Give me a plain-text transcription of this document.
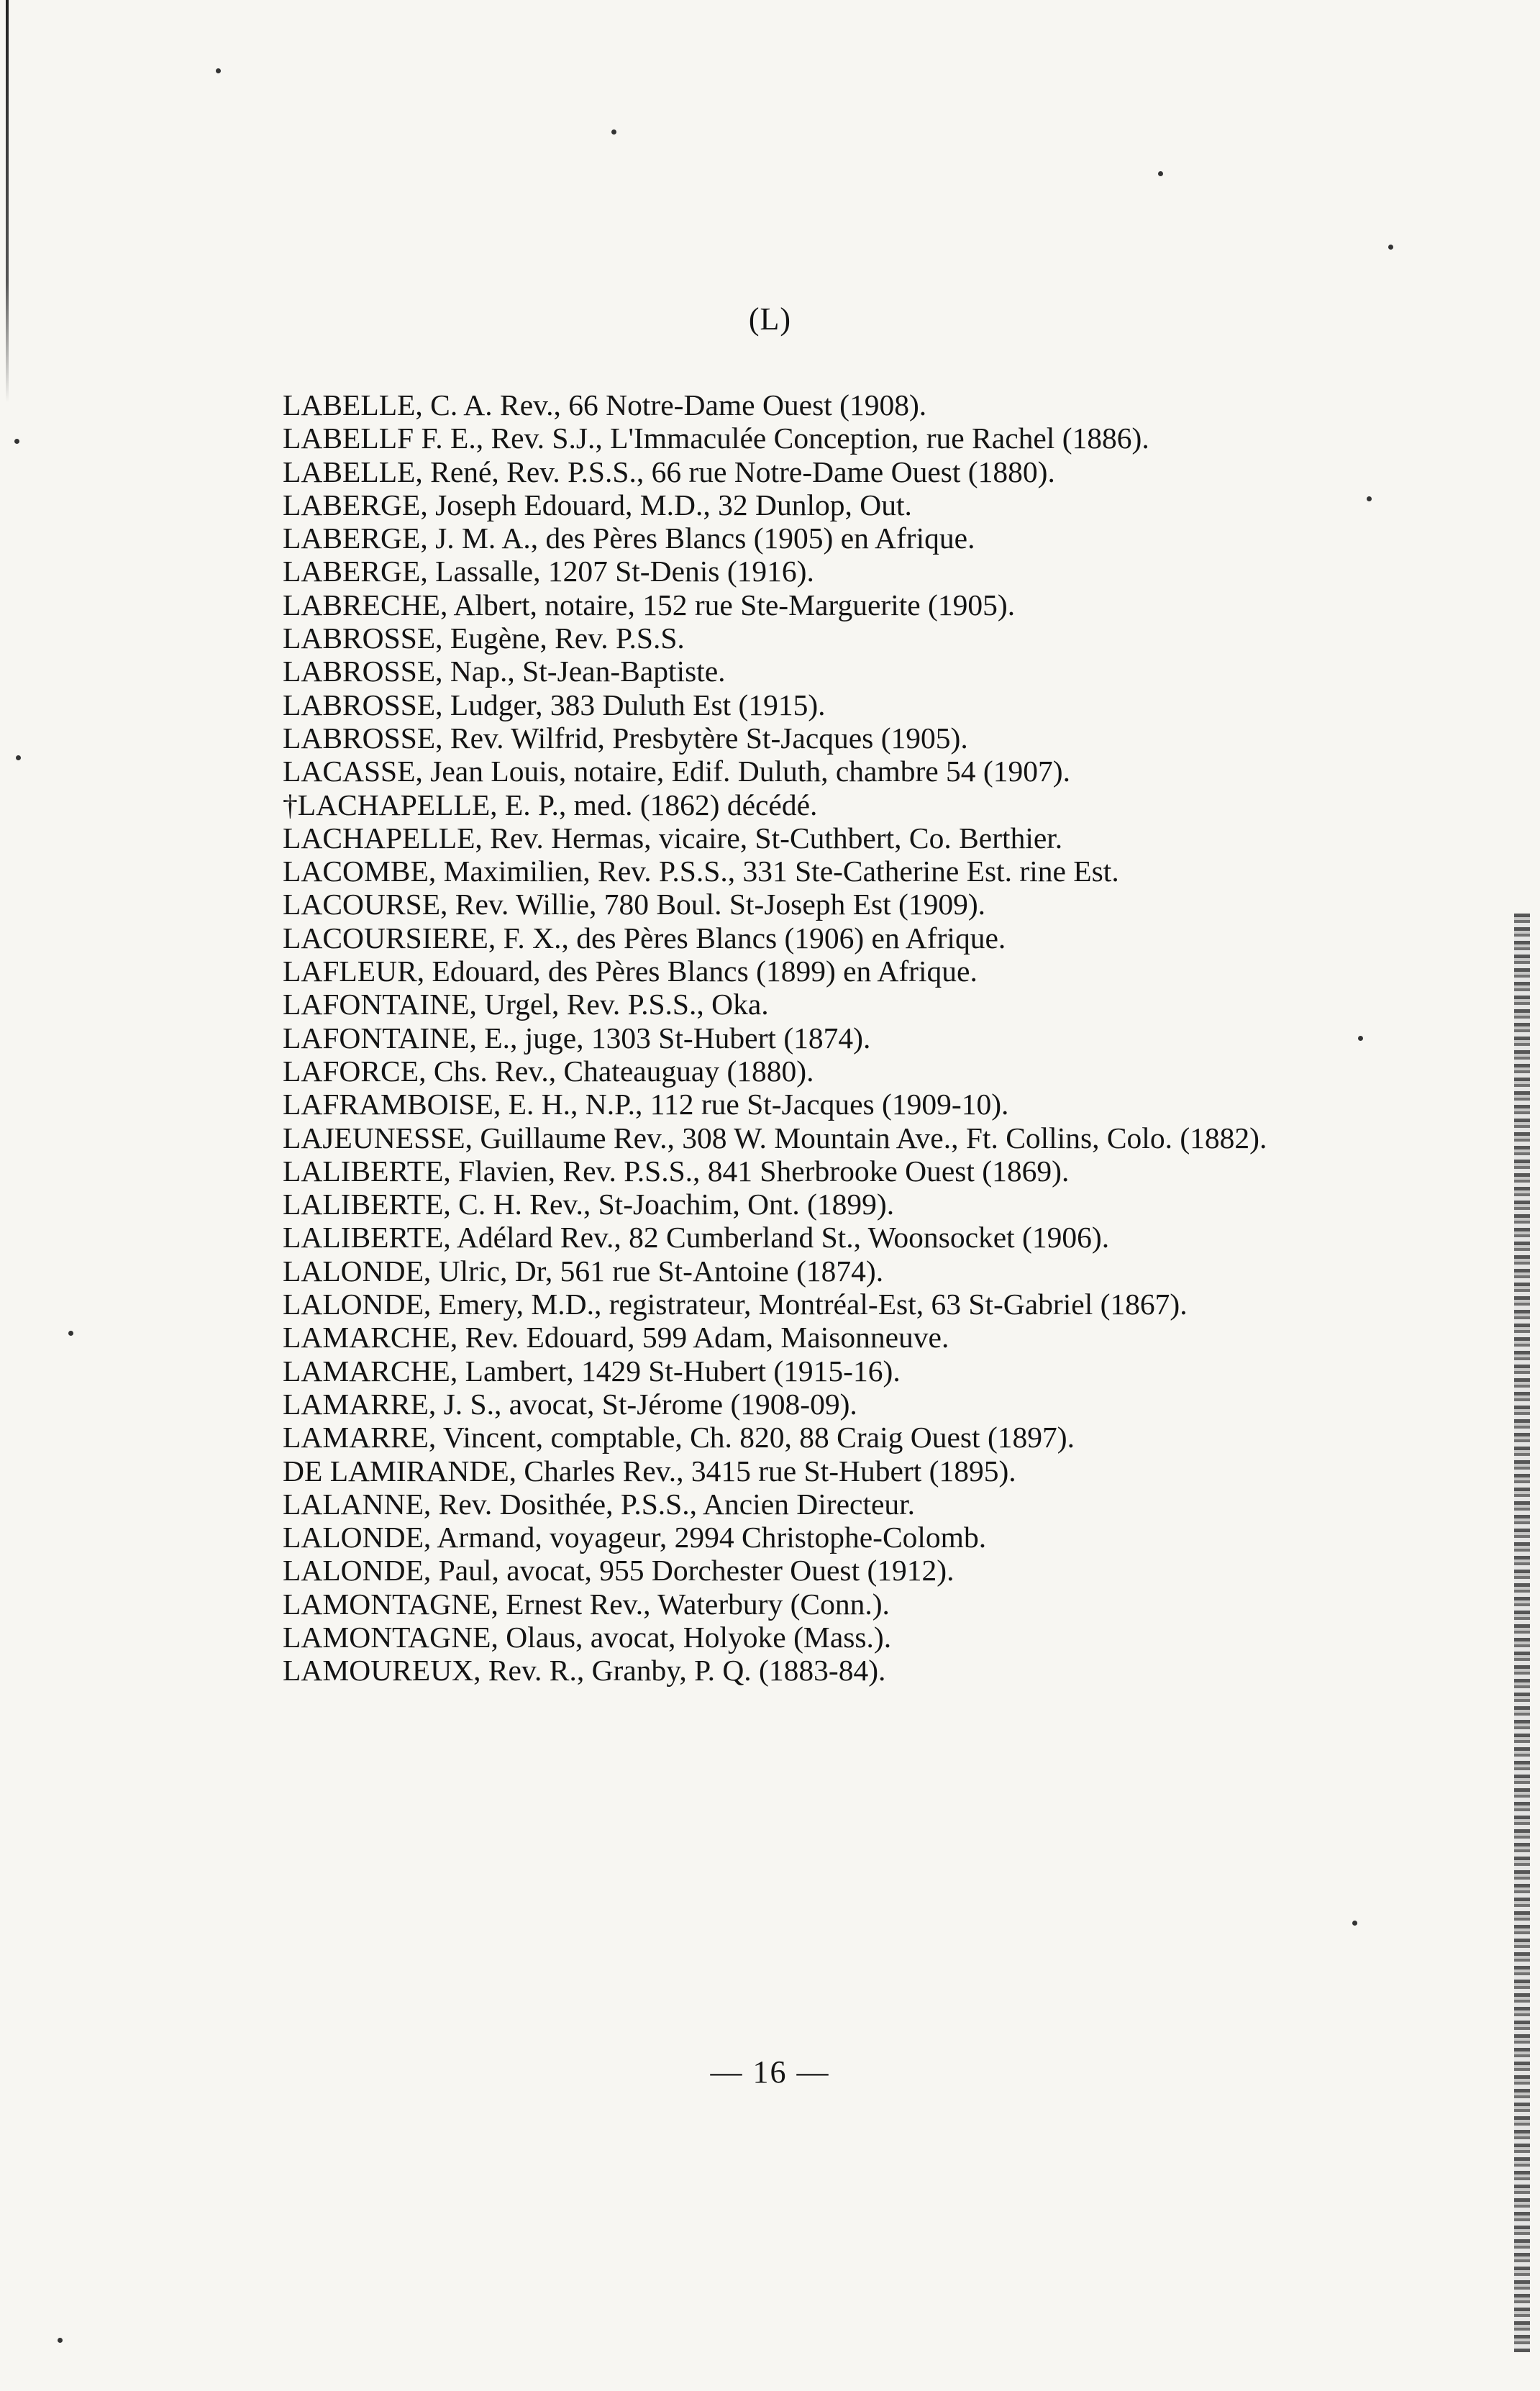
(L)
LABELLE, C. A. Rev., 66 Notre-Dame Ouest (1908).
LABELLF F. E., Rev. S.J., L'Immaculée Conception, rue Rachel (1886).
LABELLE, René, Rev. P.S.S., 66 rue Notre-Dame Ouest (1880).
LABERGE, Joseph Edouard, M.D., 32 Dunlop, Out.
LABERGE, J. M. A., des Pères Blancs (1905) en Afrique.
LABERGE, Lassalle, 1207 St-Denis (1916).
LABRECHE, Albert, notaire, 152 rue Ste-Marguerite (1905).
LABROSSE, Eugène, Rev. P.S.S.
LABROSSE, Nap., St-Jean-Baptiste.
LABROSSE, Ludger, 383 Duluth Est (1915).
LABROSSE, Rev. Wilfrid, Presbytère St-Jacques (1905).
LACASSE, Jean Louis, notaire, Edif. Duluth, chambre 54 (1907).
†LACHAPELLE, E. P., med. (1862) décédé.
LACHAPELLE, Rev. Hermas, vicaire, St-Cuthbert, Co. Berthier.
LACOMBE, Maximilien, Rev. P.S.S., 331 Ste-Catherine Est. rine Est.
LACOURSE, Rev. Willie, 780 Boul. St-Joseph Est (1909).
LACOURSIERE, F. X., des Pères Blancs (1906) en Afrique.
LAFLEUR, Edouard, des Pères Blancs (1899) en Afrique.
LAFONTAINE, Urgel, Rev. P.S.S., Oka.
LAFONTAINE, E., juge, 1303 St-Hubert (1874).
LAFORCE, Chs. Rev., Chateauguay (1880).
LAFRAMBOISE, E. H., N.P., 112 rue St-Jacques (1909-10).
LAJEUNESSE, Guillaume Rev., 308 W. Mountain Ave., Ft. Collins, Colo. (1882).
LALIBERTE, Flavien, Rev. P.S.S., 841 Sherbrooke Ouest (1869).
LALIBERTE, C. H. Rev., St-Joachim, Ont. (1899).
LALIBERTE, Adélard Rev., 82 Cumberland St., Woonsocket (1906).
LALONDE, Ulric, Dr, 561 rue St-Antoine (1874).
LALONDE, Emery, M.D., registrateur, Montréal-Est, 63 St-Gabriel (1867).
LAMARCHE, Rev. Edouard, 599 Adam, Maisonneuve.
LAMARCHE, Lambert, 1429 St-Hubert (1915-16).
LAMARRE, J. S., avocat, St-Jérome (1908-09).
LAMARRE, Vincent, comptable, Ch. 820, 88 Craig Ouest (1897).
DE LAMIRANDE, Charles Rev., 3415 rue St-Hubert (1895).
LALANNE, Rev. Dosithée, P.S.S., Ancien Directeur.
LALONDE, Armand, voyageur, 2994 Christophe-Colomb.
LALONDE, Paul, avocat, 955 Dorchester Ouest (1912).
LAMONTAGNE, Ernest Rev., Waterbury (Conn.).
LAMONTAGNE, Olaus, avocat, Holyoke (Mass.).
LAMOUREUX, Rev. R., Granby, P. Q. (1883-84).
— 16 —
